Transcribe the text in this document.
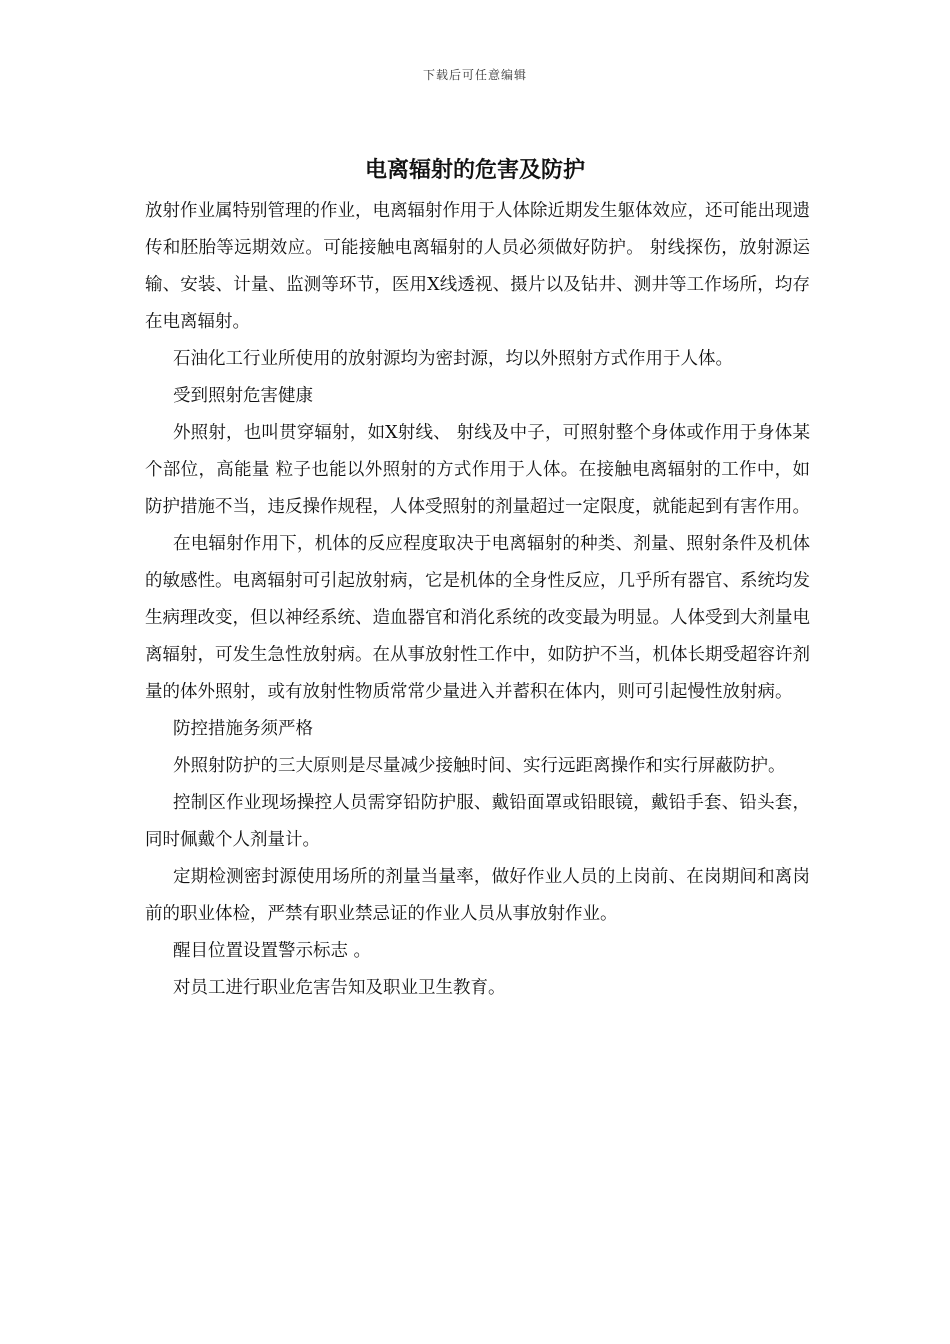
下载后可任意编辑
电离辐射的危害及防护

放射作业属特别管理的作业，电离辐射作用于人体除近期发生躯体效应，还可能出现遗传和胚胎等远期效应。可能接触电离辐射的人员必须做好防护。 射线探伤，放射源运输、安装、计量、监测等环节，医用X线透视、摄片以及钻井、测井等工作场所，均存在电离辐射。

石油化工行业所使用的放射源均为密封源，均以外照射方式作用于人体。

受到照射危害健康

外照射，也叫贯穿辐射，如X射线、 射线及中子，可照射整个身体或作用于身体某个部位，高能量 粒子也能以外照射的方式作用于人体。在接触电离辐射的工作中，如防护措施不当，违反操作规程，人体受照射的剂量超过一定限度，就能起到有害作用。

在电辐射作用下，机体的反应程度取决于电离辐射的种类、剂量、照射条件及机体的敏感性。电离辐射可引起放射病，它是机体的全身性反应，几乎所有器官、系统均发生病理改变，但以神经系统、造血器官和消化系统的改变最为明显。人体受到大剂量电离辐射，可发生急性放射病。在从事放射性工作中，如防护不当，机体长期受超容许剂量的体外照射，或有放射性物质常常少量进入并蓄积在体内，则可引起慢性放射病。

防控措施务须严格

外照射防护的三大原则是尽量减少接触时间、实行远距离操作和实行屏蔽防护。

控制区作业现场操控人员需穿铅防护服、戴铅面罩或铅眼镜，戴铅手套、铅头套，同时佩戴个人剂量计。

定期检测密封源使用场所的剂量当量率，做好作业人员的上岗前、在岗期间和离岗前的职业体检，严禁有职业禁忌证的作业人员从事放射作业。

醒目位置设置警示标志 。

对员工进行职业危害告知及职业卫生教育。
